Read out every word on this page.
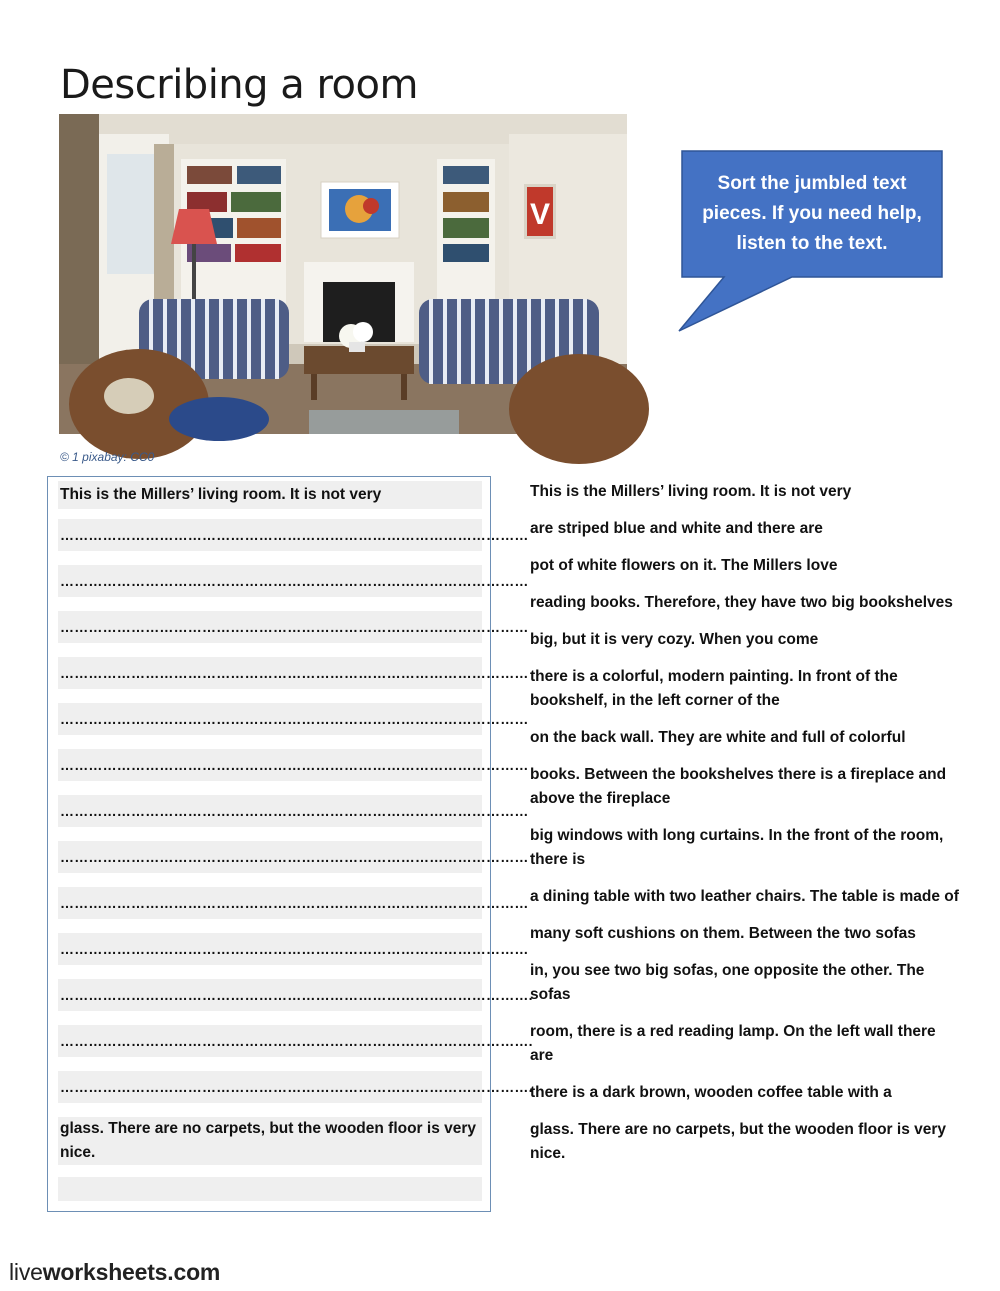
Describing a room
V
© 1 pixabay: CC0
Sort the jumbled text pieces. If you need help, listen to the text.
This is the Millers’ living room. It is not very
………………………………………………………………………………………
………………………………………………………………………………………
………………………………………………………………………………………
………………………………………………………………………………………
………………………………………………………………………………………
………………………………………………………………………………………
………………………………………………………………………………………
………………………………………………………………………………………
………………………………………………………………………………………
………………………………………………………………………………………
……………………………………………………………………………………….
……………………………………………………………………………………….
……………………………………………………………………………………….
glass. There are no carpets, but the wooden floor is very nice.
This is the Millers’ living room. It is not very
are striped blue and white and there are
pot of white flowers on it. The Millers love
reading books. Therefore, they have two big bookshelves
big, but it is very cozy. When you come
there is a colorful, modern painting. In front of the bookshelf, in the left corner of the
on the back wall. They are white and full of colorful
books. Between the bookshelves there is a fireplace and above the fireplace
big windows with long curtains. In the front of the room, there is
a dining table with two leather chairs. The table is made of
many soft cushions on them. Between the two sofas
in, you see two big sofas, one opposite the other. The sofas
room, there is a red reading lamp. On the left wall there are
there is a dark brown, wooden coffee table with a
glass. There are no carpets, but the wooden floor is very nice.
liveworksheets.com
